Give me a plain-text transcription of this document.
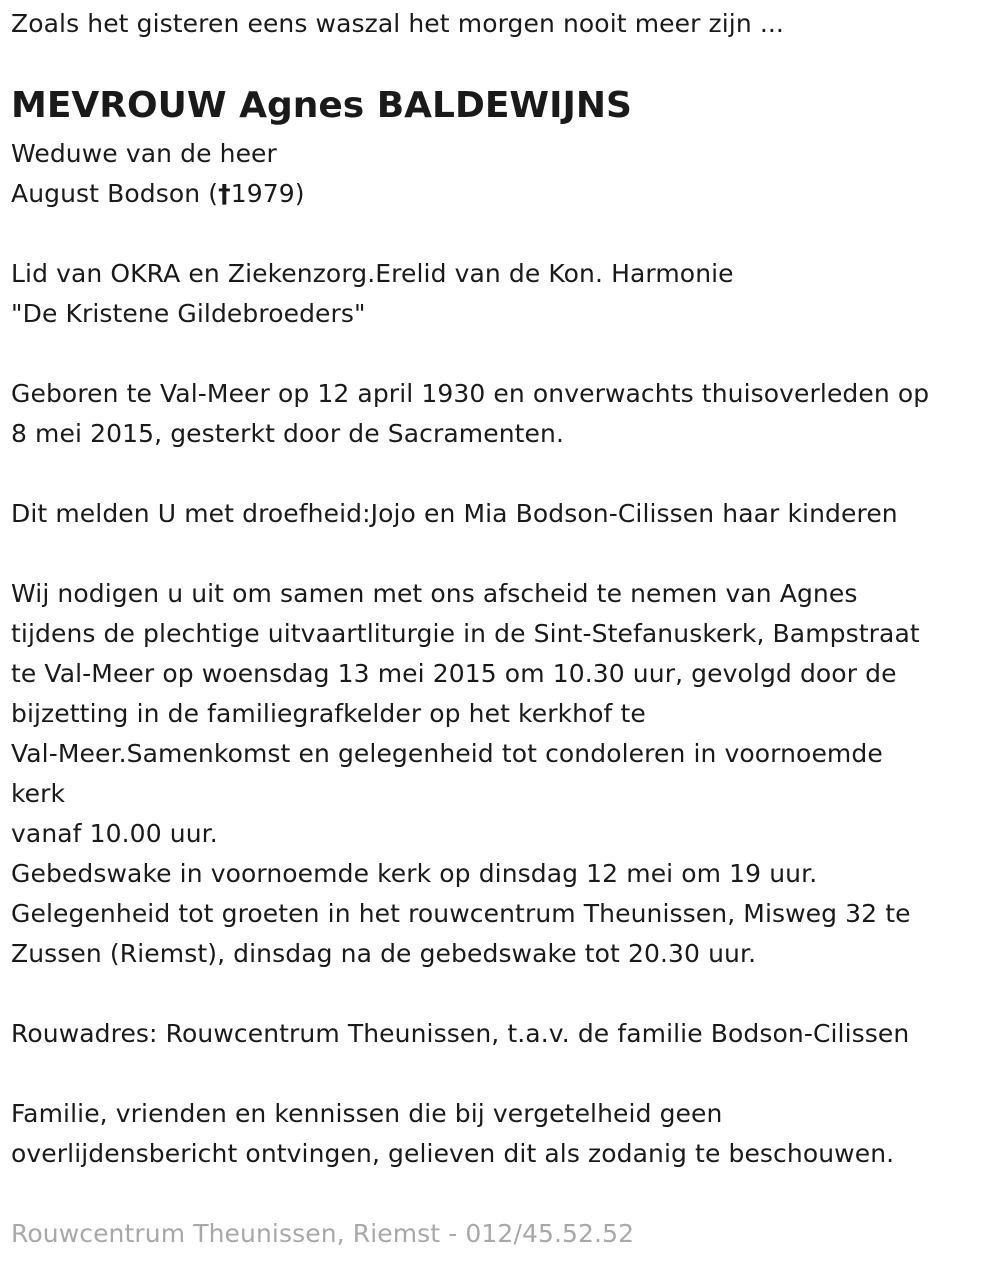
Zoals het gisteren eens waszal het morgen nooit meer zijn ...
MEVROUW Agnes BALDEWIJNS
Weduwe van de heer
August Bodson (†1979)
Lid van OKRA en Ziekenzorg.Erelid van de Kon. Harmonie
"De Kristene Gildebroeders"
Geboren te Val-Meer op 12 april 1930 en onverwachts thuisoverleden op
8 mei 2015, gesterkt door de Sacramenten.
Dit melden U met droefheid:Jojo en Mia Bodson-Cilissen haar kinderen
Wij nodigen u uit om samen met ons afscheid te nemen van Agnes
tijdens de plechtige uitvaartliturgie in de Sint-Stefanuskerk, Bampstraat
te Val-Meer op woensdag 13 mei 2015 om 10.30 uur, gevolgd door de
bijzetting in de familiegrafkelder op het kerkhof te
Val-Meer.Samenkomst en gelegenheid tot condoleren in voornoemde
kerk
vanaf 10.00 uur.
Gebedswake in voornoemde kerk op dinsdag 12 mei om 19 uur.
Gelegenheid tot groeten in het rouwcentrum Theunissen, Misweg 32 te
Zussen (Riemst), dinsdag na de gebedswake tot 20.30 uur.
Rouwadres: Rouwcentrum Theunissen, t.a.v. de familie Bodson-Cilissen
Familie, vrienden en kennissen die bij vergetelheid geen
overlijdensbericht ontvingen, gelieven dit als zodanig te beschouwen.
Rouwcentrum Theunissen, Riemst - 012/45.52.52
